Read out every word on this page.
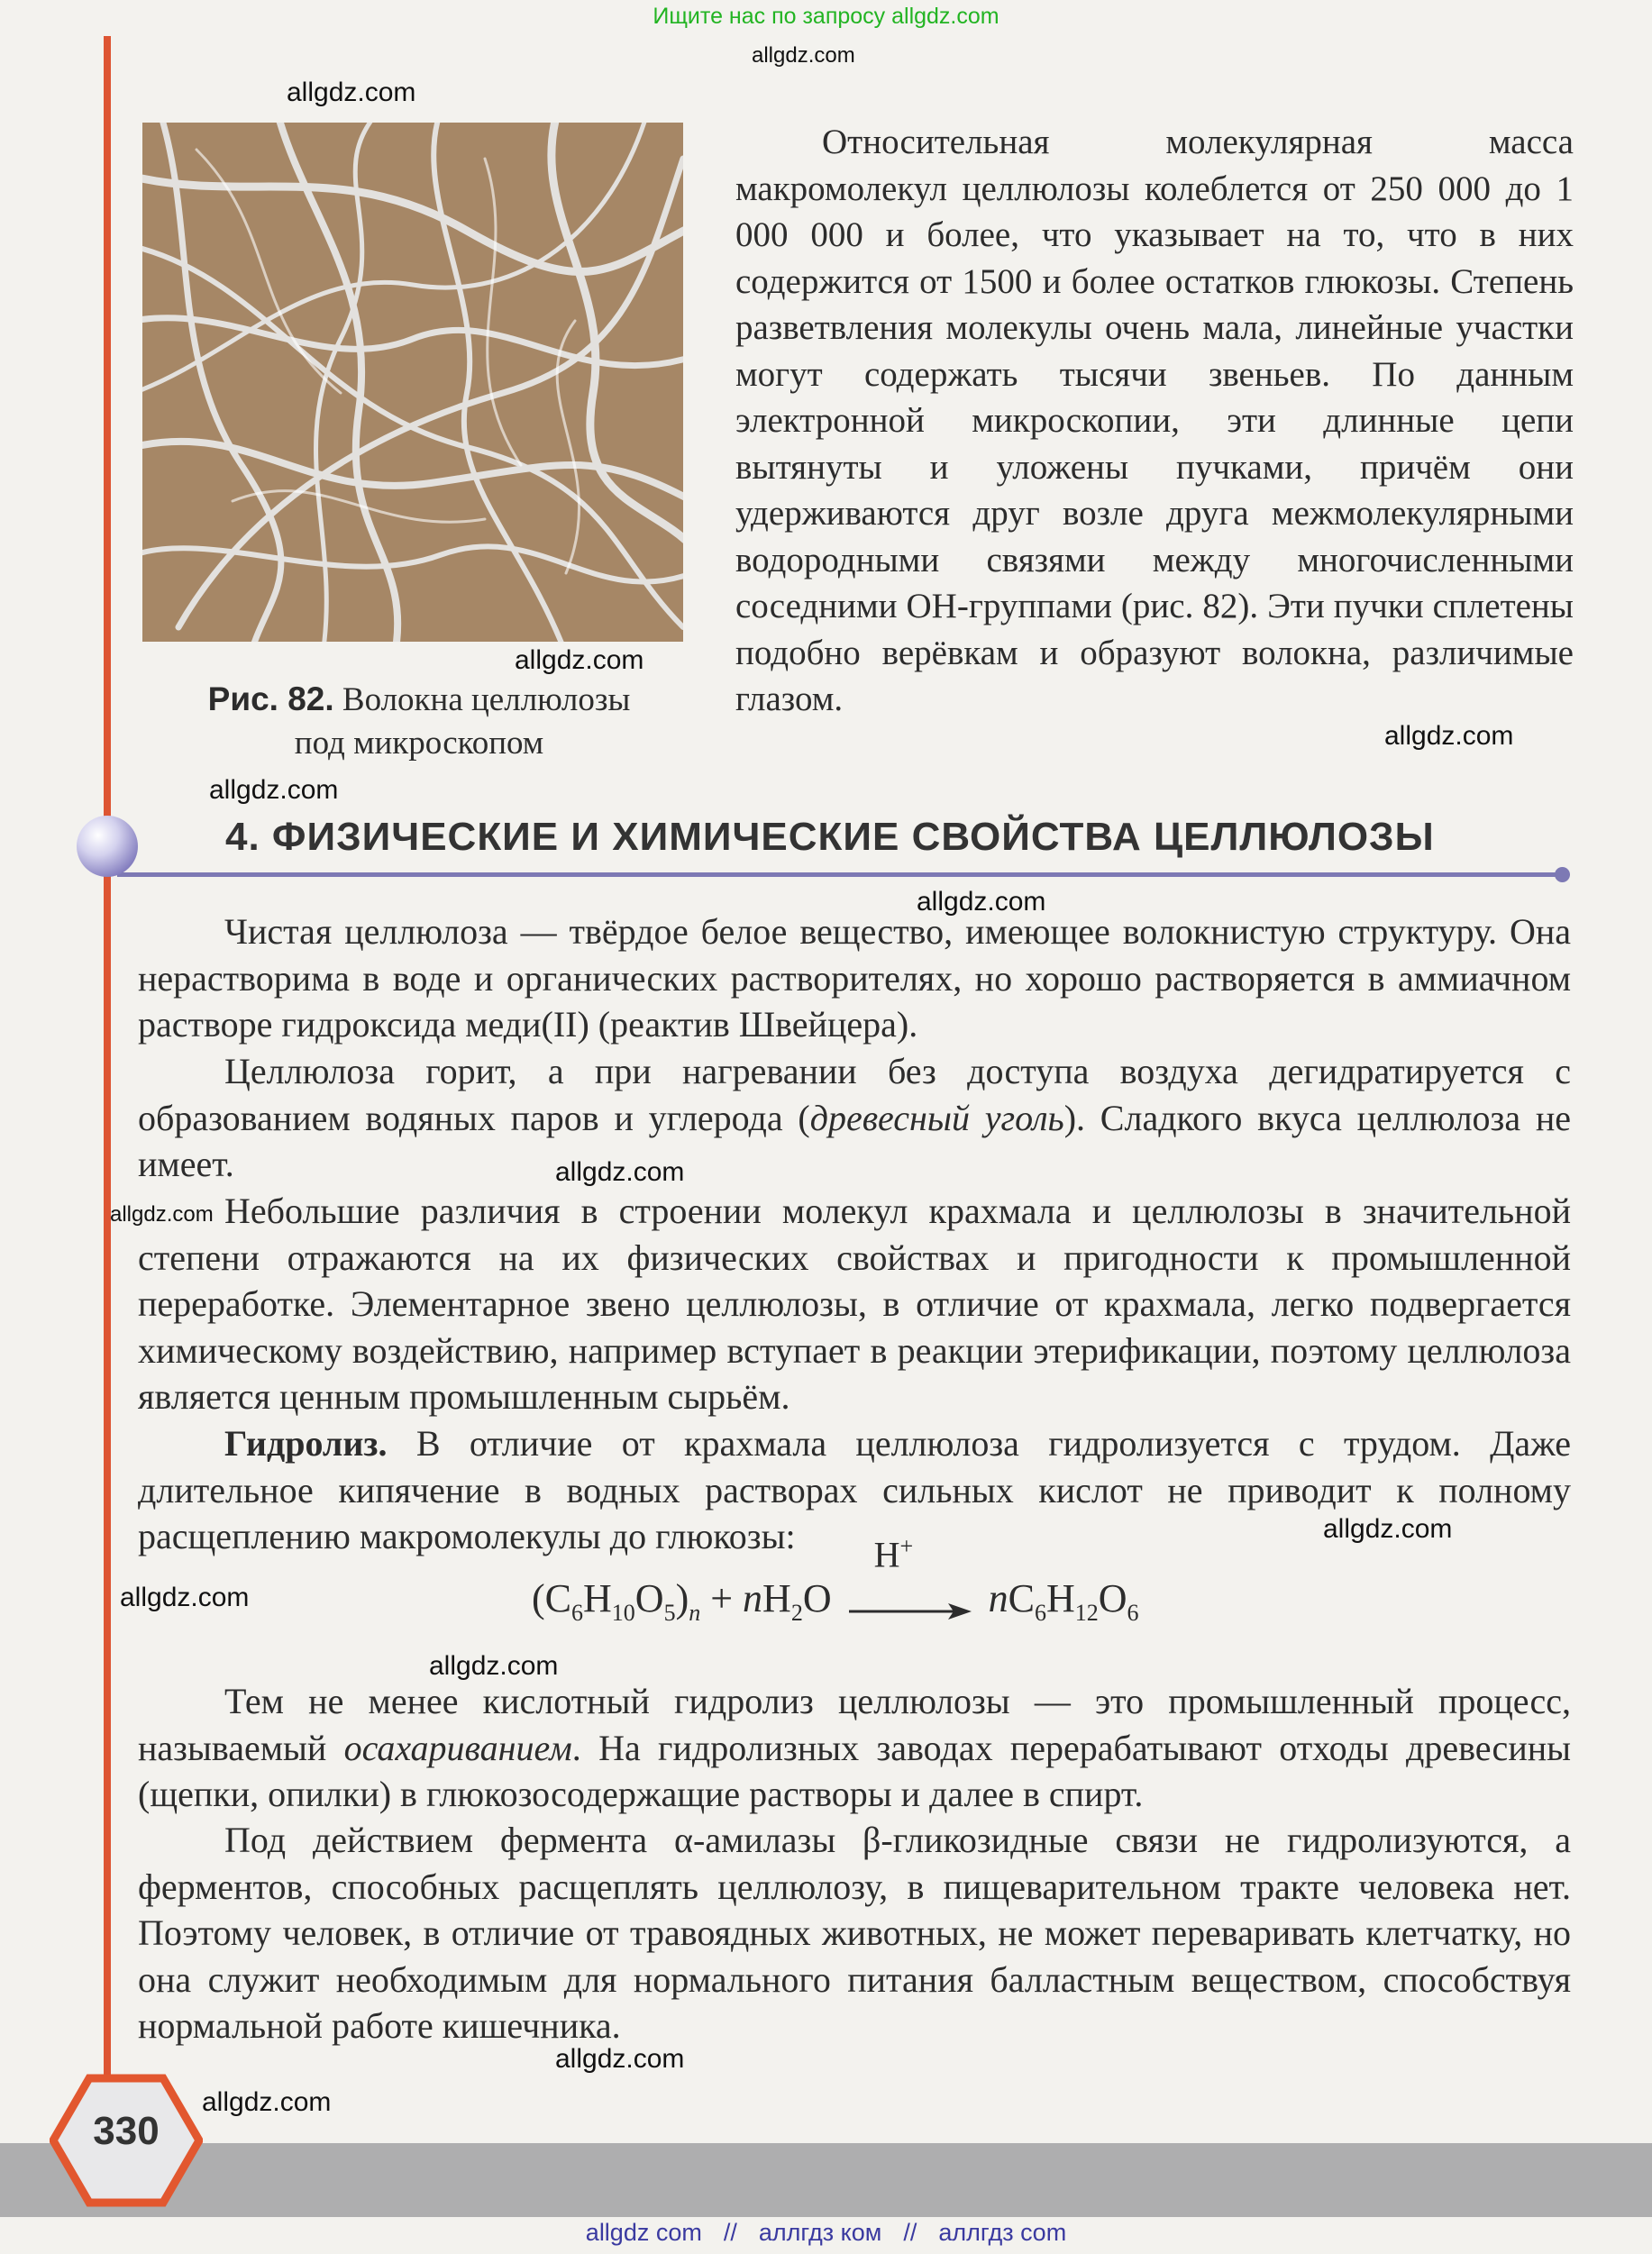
Ищите нас по запросу allgdz.com
Рис. 82. Волокна целлюлозы
под микроскопом
Относительная молекулярная масса макромолекул целлюлозы колеблется от 250 000 до 1 000 000 и более, что указывает на то, что в них содержится от 1500 и более остатков глюкозы. Степень разветвления молекулы очень мала, линейные участки могут содержать тысячи звеньев. По данным электронной микроскопии, эти длинные цепи вытянуты и уложены пучками, причём они удерживаются друг возле друга межмолекулярными водородными связями между многочисленными соседними ОН-группами (рис. 82). Эти пучки сплетены подобно верёвкам и образуют волокна, различимые глазом.
4. ФИЗИЧЕСКИЕ И ХИМИЧЕСКИЕ СВОЙСТВА ЦЕЛЛЮЛОЗЫ
Чистая целлюлоза — твёрдое белое вещество, имеющее волокнистую структуру. Она нерастворима в воде и органических растворителях, но хорошо растворяется в аммиачном растворе гидроксида меди(II) (реактив Швейцера).
Целлюлоза горит, а при нагревании без доступа воздуха дегидратируется с образованием водяных паров и углерода (древесный уголь). Сладкого вкуса целлюлоза не имеет.
Небольшие различия в строении молекул крахмала и целлюлозы в значительной степени отражаются на их физических свойствах и пригодности к промышленной переработке. Элементарное звено целлюлозы, в отличие от крахмала, легко подвергается химическому воздействию, например вступает в реакции этерификации, поэтому целлюлоза является ценным промышленным сырьём.
Гидролиз. В отличие от крахмала целлюлоза гидролизуется с трудом. Даже длительное кипячение в водных растворах сильных кислот не приводит к полному расщеплению макромолекулы до глюкозы:
$(C_6H_{10}O_5)_n + nH_2O$
H+
$nC_6H_{12}O_6$
Тем не менее кислотный гидролиз целлюлозы — это промышленный процесс, называемый осахариванием. На гидролизных заводах перерабатывают отходы древесины (щепки, опилки) в глюкозосодержащие растворы и далее в спирт.
Под действием фермента α-амилазы β-гликозидные связи не гидролизуются, а ферментов, способных расщеплять целлюлозу, в пищеварительном тракте человека нет. Поэтому человек, в отличие от травоядных животных, не может переваривать клетчатку, но она служит необходимым для нормального питания балластным веществом, способствуя нормальной работе кишечника.
allgdz.com
allgdz.com
allgdz.com
allgdz.com
allgdz.com
allgdz.com
allgdz.com
allgdz.com
allgdz.com
allgdz.com
allgdz.com
allgdz.com
allgdz.com
330
allgdz com // аллгдз ком // аллгдз com
